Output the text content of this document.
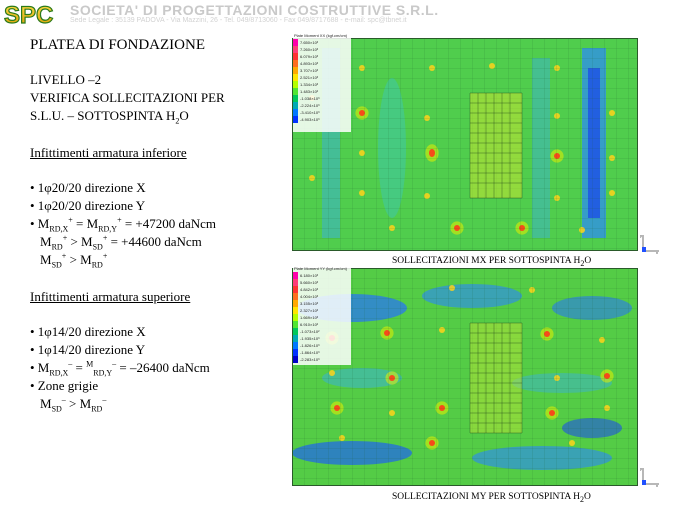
SPC SOCIETA' DI PROGETTAZIONI COSTRUTTIVE S.R.L.
Sede Legale : 35139 PADOVA - Via Mazzini, 26 - Tel. 049/8713060 - Fax 049/8717688 - e-mail: spc@tbnet.it
PLATEA DI FONDAZIONE
LIVELLO –2
VERIFICA SOLLECITAZIONI PER
S.L.U. – SOTTOSPINTA $H_2O$
Infittimenti armatura inferiore
• 1φ20/20 direzione X
• 1φ20/20 direzione Y
• $M_{RD,X}^+ = M_{RD,Y}^+ = +47200$ daNcm
$M_{RD}^+ > M_{SD}^+ = +44600$ daNcm
$M_{SD}^+ > M_{RD}^+$
Infittimenti armatura superiore
• 1φ14/20 direzione X
• 1φ14/20 direzione Y
• $M_{RD,X}^- = ^M_{RD,Y}^- = -26400$ daNcm
• Zone grigie
$M_{SD}^- > M_{RD}^-$
Plate Moment XX (kgf.cm/cm)
7.650×10³
7.260×10³
6.079×10³
4.893×10³
3.707×10³
2.521×10³
1.334×10³
1.483×10²
-1.038×10³
-2.224×10³
-3.410×10³
-4.903×10³
x
y
SOLLECITAZIONI MX PER SOTTOSPINTA $H_2O$
Plate Moment YY (kgf.cm/cm)
6.180×10³
5.660×10³
4.842×10³
4.004×10³
3.155×10³
2.327×10³
1.669×10³
6.910×10²
-1.073×10²
-1.935×10³
-1.826×10³
-1.864×10³
-2.283×10³
x
y
SOLLECITAZIONI MY PER SOTTOSPINTA $H_2O$
